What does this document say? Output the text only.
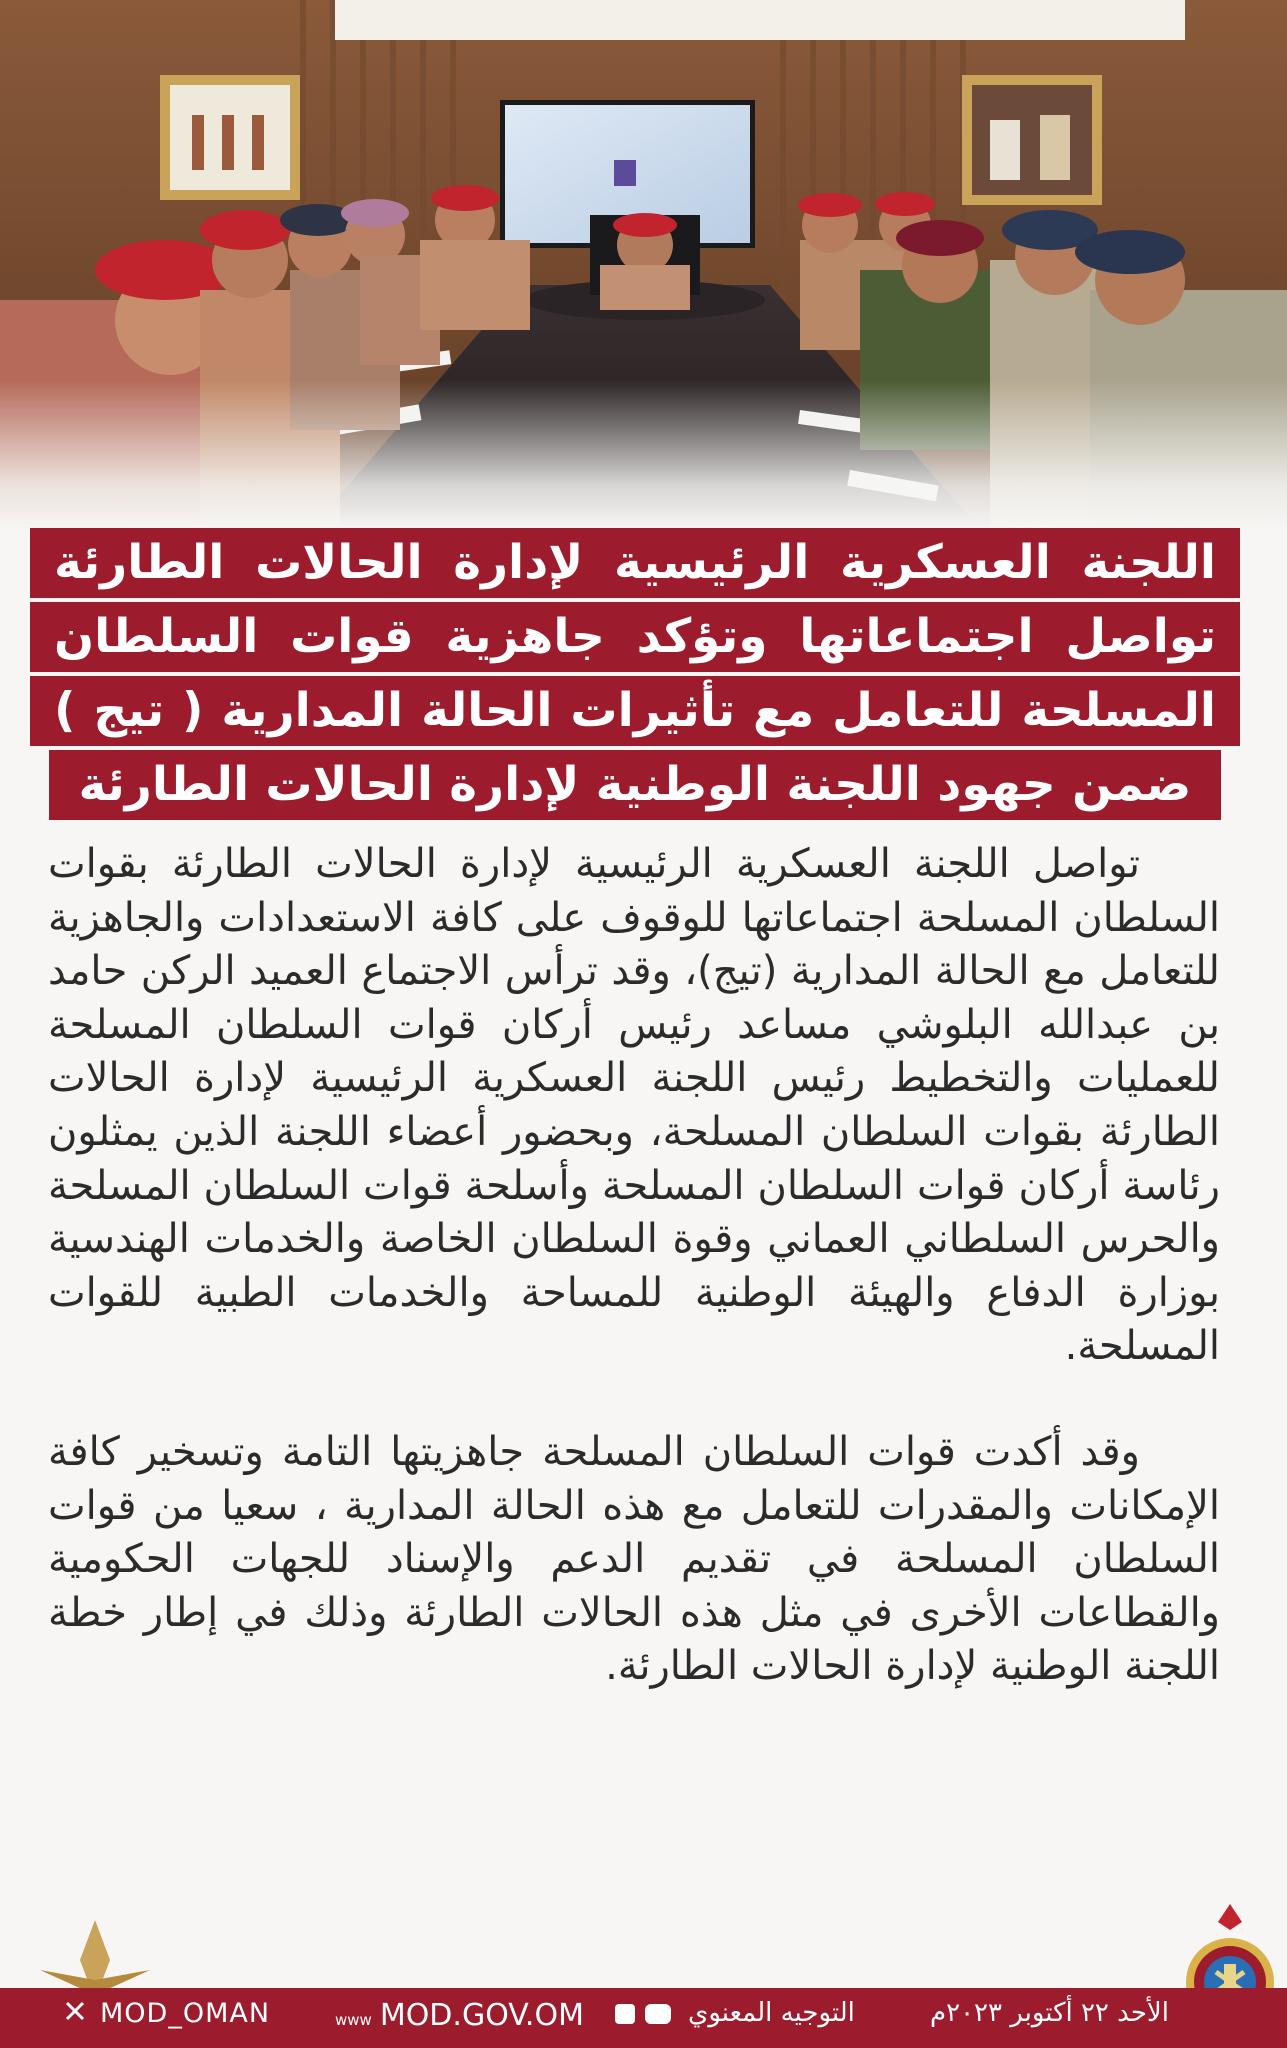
اللجنة العسكرية الرئيسية لإدارة الحالات الطارئة
تواصل اجتماعاتها وتؤكد جاهزية قوات السلطان
المسلحة للتعامل مع تأثيرات الحالة المدارية ( تيج )
ضمن جهود اللجنة الوطنية لإدارة الحالات الطارئة

تواصل اللجنة العسكرية الرئيسية لإدارة الحالات الطارئة بقوات السلطان المسلحة اجتماعاتها للوقوف على كافة الاستعدادات والجاهزية للتعامل مع الحالة المدارية (تيج)، وقد ترأس الاجتماع العميد الركن حامد بن عبدالله البلوشي مساعد رئيس أركان قوات السلطان المسلحة للعمليات والتخطيط رئيس اللجنة العسكرية الرئيسية لإدارة الحالات الطارئة بقوات السلطان المسلحة، وبحضور أعضاء اللجنة الذين يمثلون رئاسة أركان قوات السلطان المسلحة وأسلحة قوات السلطان المسلحة والحرس السلطاني العماني وقوة السلطان الخاصة والخدمات الهندسية بوزارة الدفاع والهيئة الوطنية للمساحة والخدمات الطبية للقوات المسلحة.

وقد أكدت قوات السلطان المسلحة جاهزيتها التامة وتسخير كافة الإمكانات والمقدرات للتعامل مع هذه الحالة المدارية ، سعيا من قوات السلطان المسلحة في تقديم الدعم والإسناد للجهات الحكومية والقطاعات الأخرى في مثل هذه الحالات الطارئة وذلك في إطار خطة اللجنة الوطنية لإدارة الحالات الطارئة.

MOD_OMAN	www MOD.GOV.OM	التوجيه المعنوي	الأحد ٢٢ أكتوبر ٢٠٢٣م
